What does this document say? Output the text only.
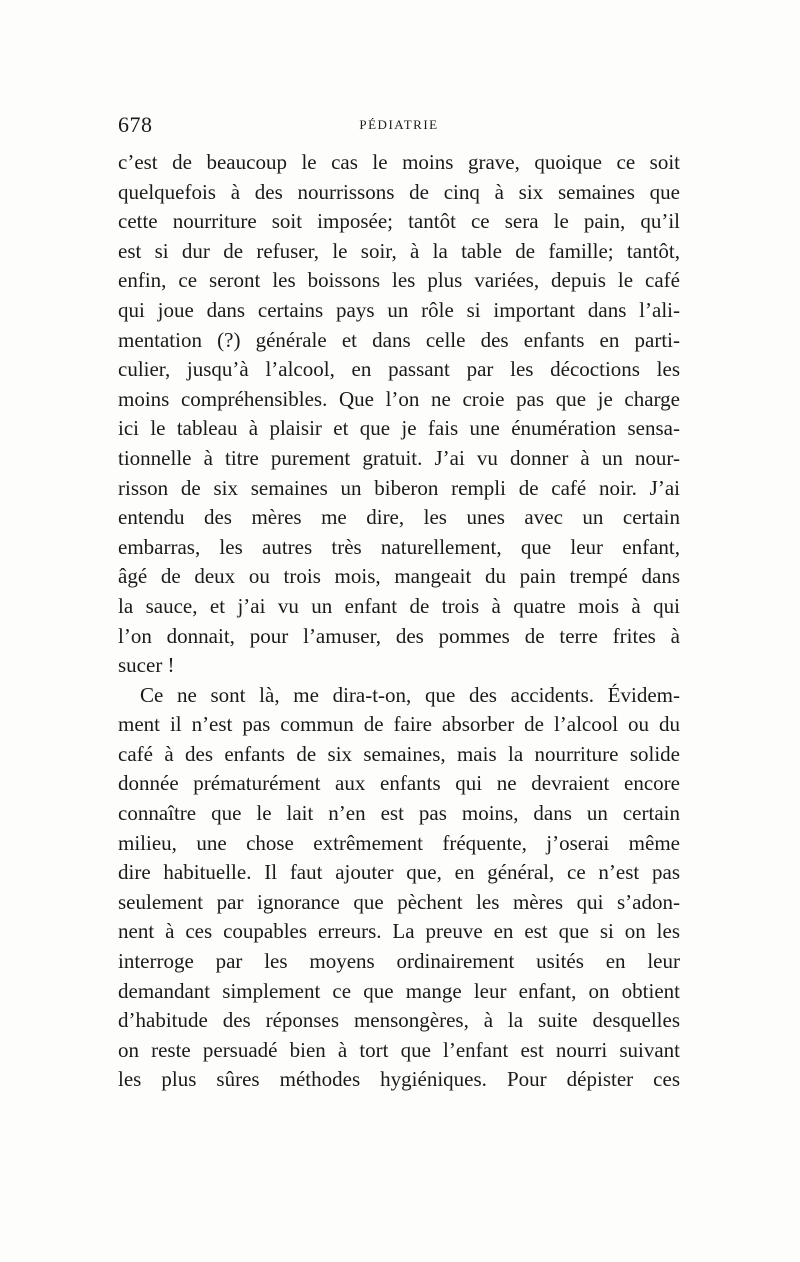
678	PÉDIATRIE
c’est de beaucoup le cas le moins grave, quoique ce soit
quelquefois à des nourrissons de cinq à six semaines que
cette nourriture soit imposée; tantôt ce sera le pain, qu’il
est si dur de refuser, le soir, à la table de famille; tantôt,
enfin, ce seront les boissons les plus variées, depuis le café
qui joue dans certains pays un rôle si important dans l’ali-
mentation (?) générale et dans celle des enfants en parti-
culier, jusqu’à l’alcool, en passant par les décoctions les
moins compréhensibles. Que l’on ne croie pas que je charge
ici le tableau à plaisir et que je fais une énumération sensa-
tionnelle à titre purement gratuit. J’ai vu donner à un nour-
risson de six semaines un biberon rempli de café noir. J’ai
entendu des mères me dire, les unes avec un certain
embarras, les autres très naturellement, que leur enfant,
âgé de deux ou trois mois, mangeait du pain trempé dans
la sauce, et j’ai vu un enfant de trois à quatre mois à qui
l’on donnait, pour l’amuser, des pommes de terre frites à
sucer !
Ce ne sont là, me dira-t-on, que des accidents. Évidem-
ment il n’est pas commun de faire absorber de l’alcool ou du
café à des enfants de six semaines, mais la nourriture solide
donnée prématurément aux enfants qui ne devraient encore
connaître que le lait n’en est pas moins, dans un certain
milieu, une chose extrêmement fréquente, j’oserai même
dire habituelle. Il faut ajouter que, en général, ce n’est pas
seulement par ignorance que pèchent les mères qui s’adon-
nent à ces coupables erreurs. La preuve en est que si on les
interroge par les moyens ordinairement usités en leur
demandant simplement ce que mange leur enfant, on obtient
d’habitude des réponses mensongères, à la suite desquelles
on reste persuadé bien à tort que l’enfant est nourri suivant
les plus sûres méthodes hygiéniques. Pour dépister ces
